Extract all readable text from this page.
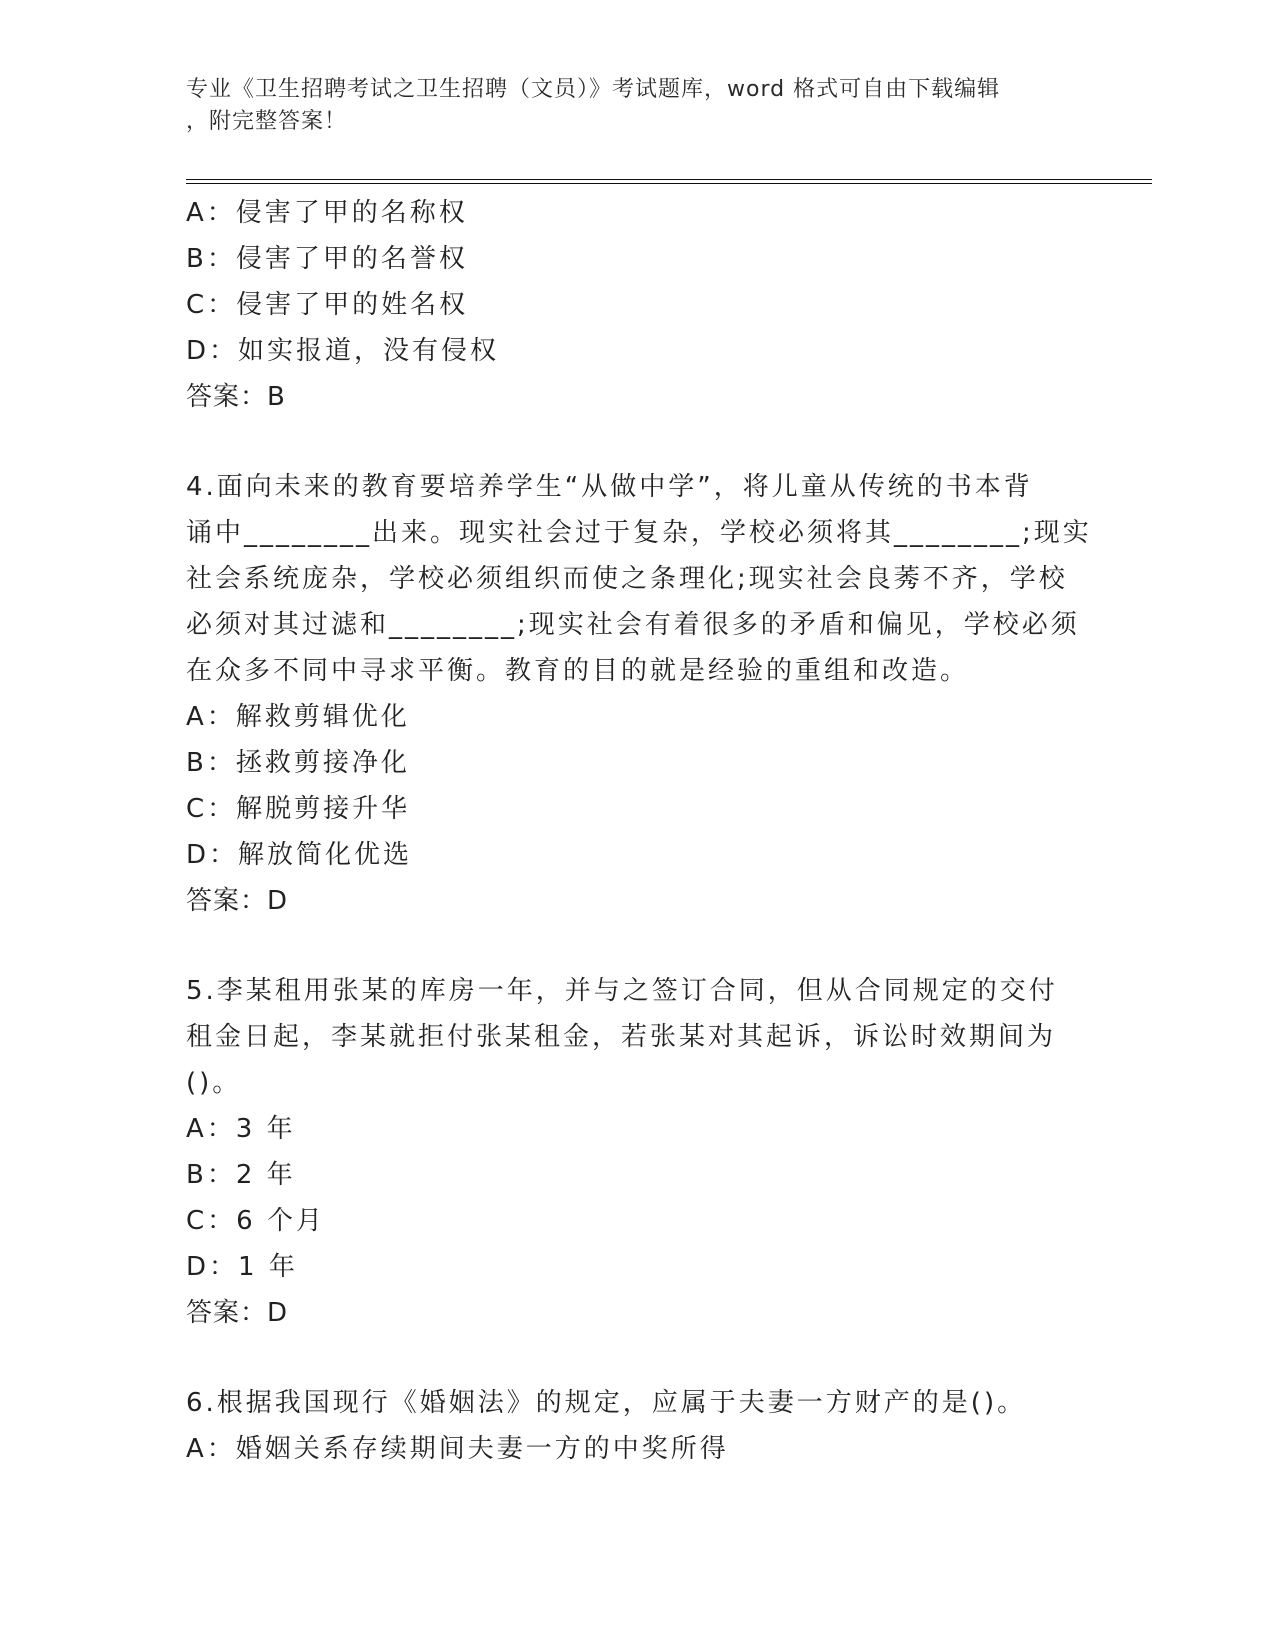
专业《卫生招聘考试之卫生招聘（文员）》考试题库，word 格式可自由下载编辑
，附完整答案！
A：侵害了甲的名称权
B：侵害了甲的名誉权
C：侵害了甲的姓名权
D：如实报道，没有侵权
答案：B
4.面向未来的教育要培养学生“从做中学”，将儿童从传统的书本背
诵中________出来。现实社会过于复杂，学校必须将其________;现实
社会系统庞杂，学校必须组织而使之条理化;现实社会良莠不齐，学校
必须对其过滤和________;现实社会有着很多的矛盾和偏见，学校必须
在众多不同中寻求平衡。教育的目的就是经验的重组和改造。
A：解救剪辑优化
B：拯救剪接净化
C：解脱剪接升华
D：解放简化优选
答案：D
5.李某租用张某的库房一年，并与之签订合同，但从合同规定的交付
租金日起，李某就拒付张某租金，若张某对其起诉，诉讼时效期间为
()。
A：3 年
B：2 年
C：6 个月
D：1 年
答案：D
6.根据我国现行《婚姻法》的规定，应属于夫妻一方财产的是()。
A：婚姻关系存续期间夫妻一方的中奖所得
